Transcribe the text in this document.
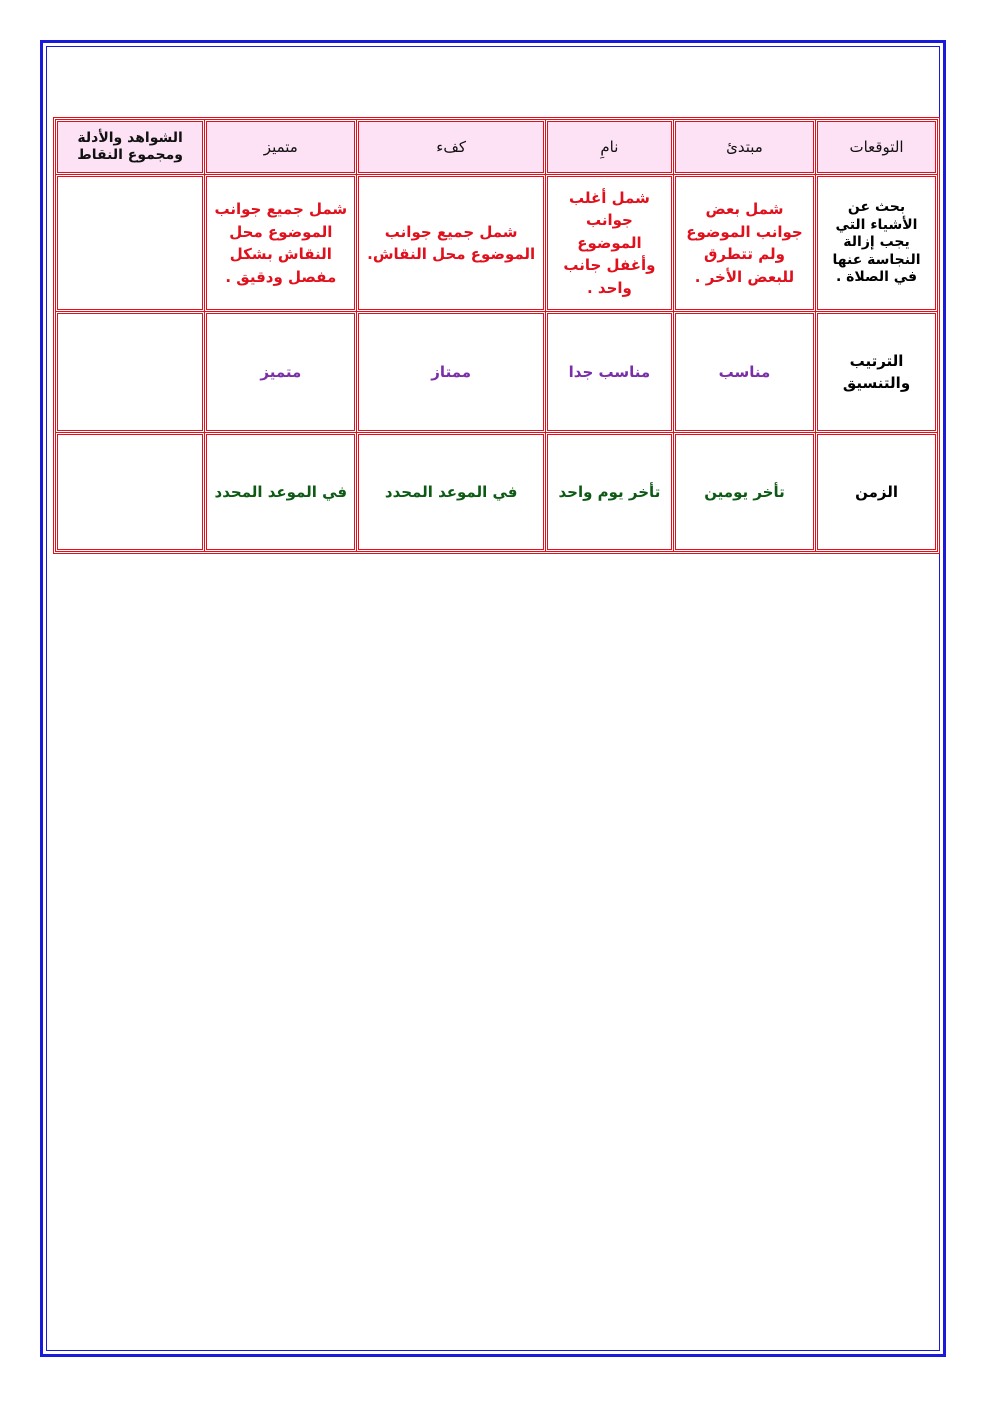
التوقعات	مبتدئ	نامِ	كفء	متميز	الشواهد والأدلة ومجموع النقاط
بحث عن الأشياء التي يجب إزالة النجاسة عنها في الصلاة .	شمل بعض جوانب الموضوع ولم تتطرق للبعض الأخر .	شمل أغلب جوانب الموضوع وأغفل جانب واحد .	شمل جميع جوانب الموضوع محل النقاش.	شمل جميع جوانب الموضوع محل النقاش بشكل مفصل ودقيق .	
الترتيب والتنسيق	مناسب	مناسب جدا	ممتاز	متميز	
الزمن	تأخر يومين	تأخر يوم واحد	في الموعد المحدد	في الموعد المحدد	
